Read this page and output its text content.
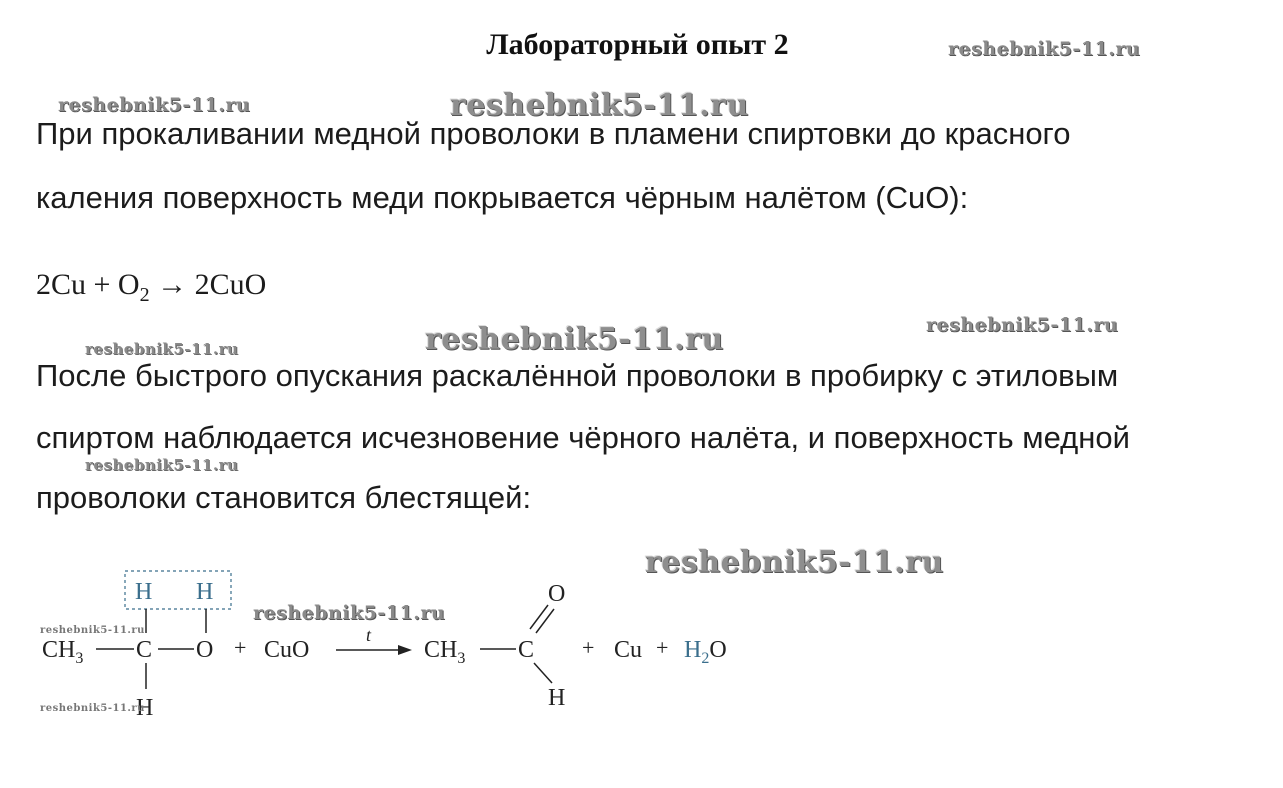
Лабораторный опыт 2
При прокаливании медной проволоки в пламени спиртовки до красного
каления поверхность меди покрывается чёрным налётом (CuO):
$2Cu + O_2 \to 2CuO$
После быстрого опускания раскалённой проволоки в пробирку с этиловым
спиртом наблюдается исчезновение чёрного налёта, и поверхность медной
проволоки становится блестящей:
H H
$CH_3$ C O
H
+ CuO
t
$CH_3$ C
O
H
+ $Cu + H_2O$
reshebnik5-11.ru
reshebnik5-11.ru	reshebnik5-11.ru
reshebnik5-11.ru
reshebnik5-11.ru
reshebnik5-11.ru
reshebnik5-11.ru
reshebnik5-11.ru
reshebnik5-11.ru
reshebnik5-11.ru
reshebnik5-11.ru
